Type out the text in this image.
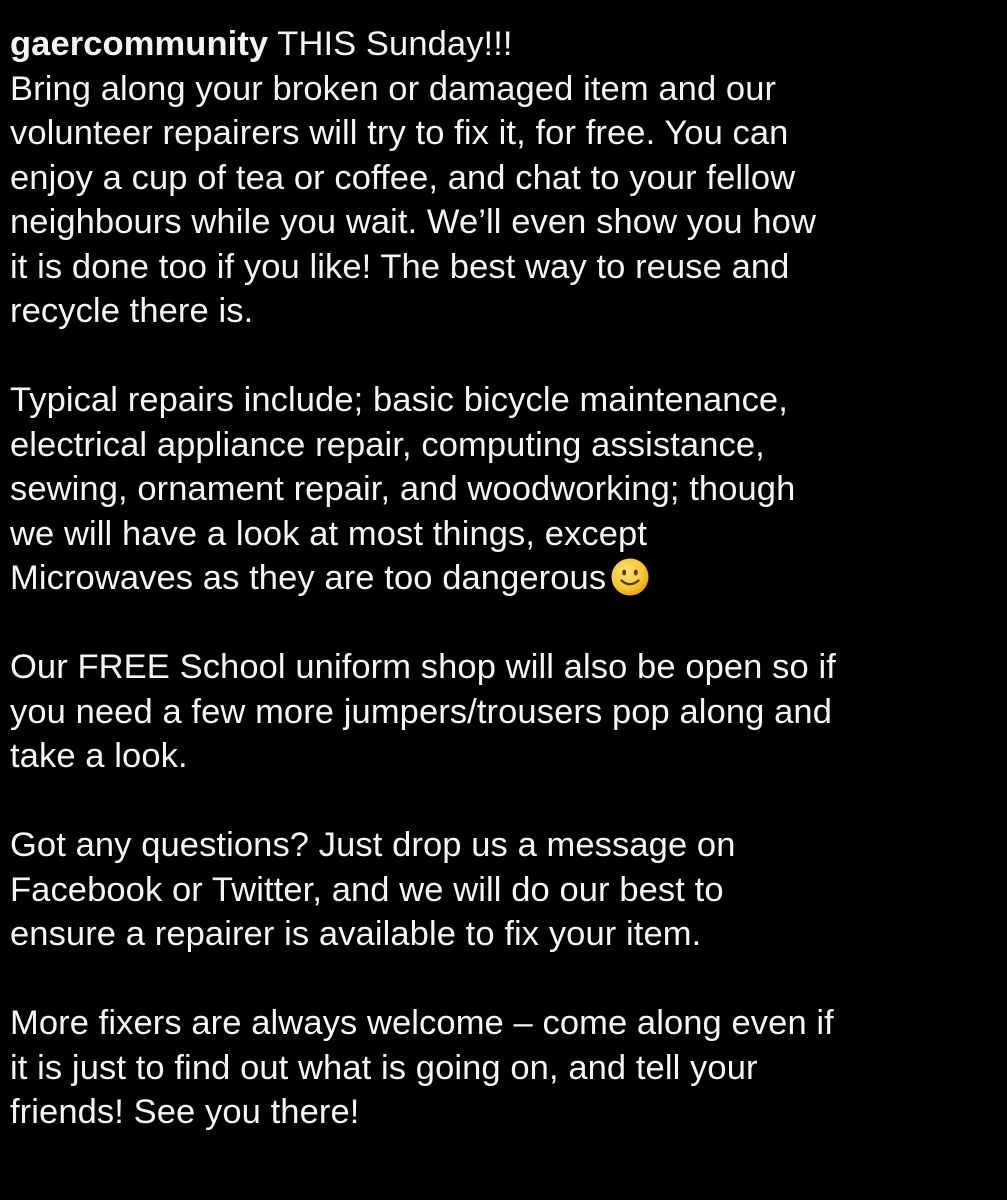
gaercommunity THIS Sunday!!!
Bring along your broken or damaged item and our
volunteer repairers will try to fix it, for free. You can
enjoy a cup of tea or coffee, and chat to your fellow
neighbours while you wait. We’ll even show you how
it is done too if you like! The best way to reuse and
recycle there is.

Typical repairs include; basic bicycle maintenance,
electrical appliance repair, computing assistance,
sewing, ornament repair, and woodworking; though
we will have a look at most things, except
Microwaves as they are too dangerous

Our FREE School uniform shop will also be open so if
you need a few more jumpers/trousers pop along and
take a look.

Got any questions? Just drop us a message on
Facebook or Twitter, and we will do our best to
ensure a repairer is available to fix your item.

More fixers are always welcome – come along even if
it is just to find out what is going on, and tell your
friends! See you there!
